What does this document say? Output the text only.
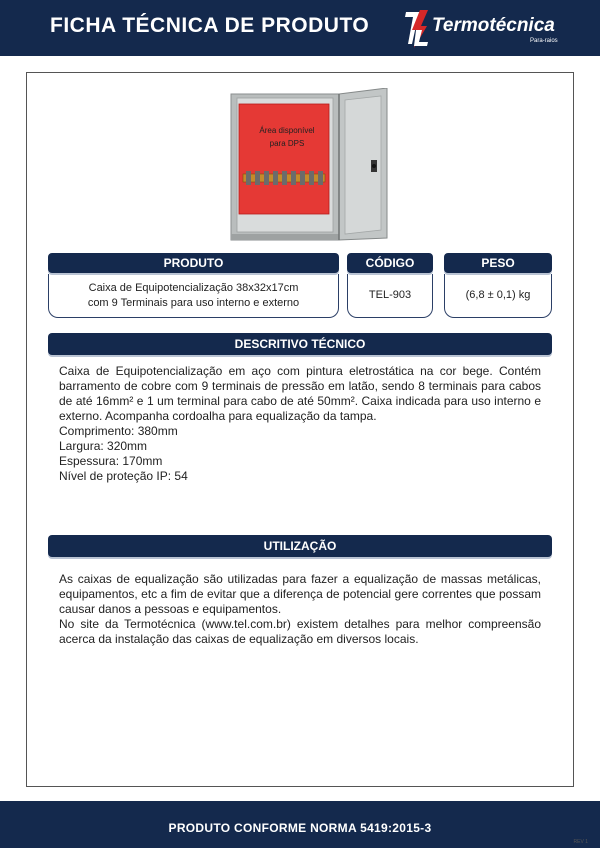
FICHA TÉCNICA DE PRODUTO	Termotécnica
Para-raios
Área disponível
para DPS
PRODUTO	CÓDIGO	PESO
Caixa de Equipotencialização 38x32x17cm
com 9 Terminais para uso interno e externo
TEL-903	(6,8 ± 0,1) kg
DESCRITIVO TÉCNICO

Caixa de Equipotencialização em aço com pintura eletrostática na cor bege. Contém barramento de cobre com 9 terminais de pressão em latão, sendo 8 terminais para cabos de até 16mm² e 1 um terminal para cabo de até 50mm². Caixa indicada para uso interno e externo. Acompanha cordoalha para equalização da tampa.

Comprimento: 380mm

Largura: 320mm

Espessura: 170mm

Nível de proteção IP: 54

UTILIZAÇÃO

As caixas de equalização são utilizadas para fazer a equalização de massas metálicas, equipamentos, etc a fim de evitar que a diferença de potencial gere correntes que possam causar danos a pessoas e equipamentos.

No site da Termotécnica (www.tel.com.br) existem detalhes para melhor compreensão acerca da instalação das caixas de equalização em diversos locais.

PRODUTO CONFORME NORMA 5419:2015-3
REV 1
